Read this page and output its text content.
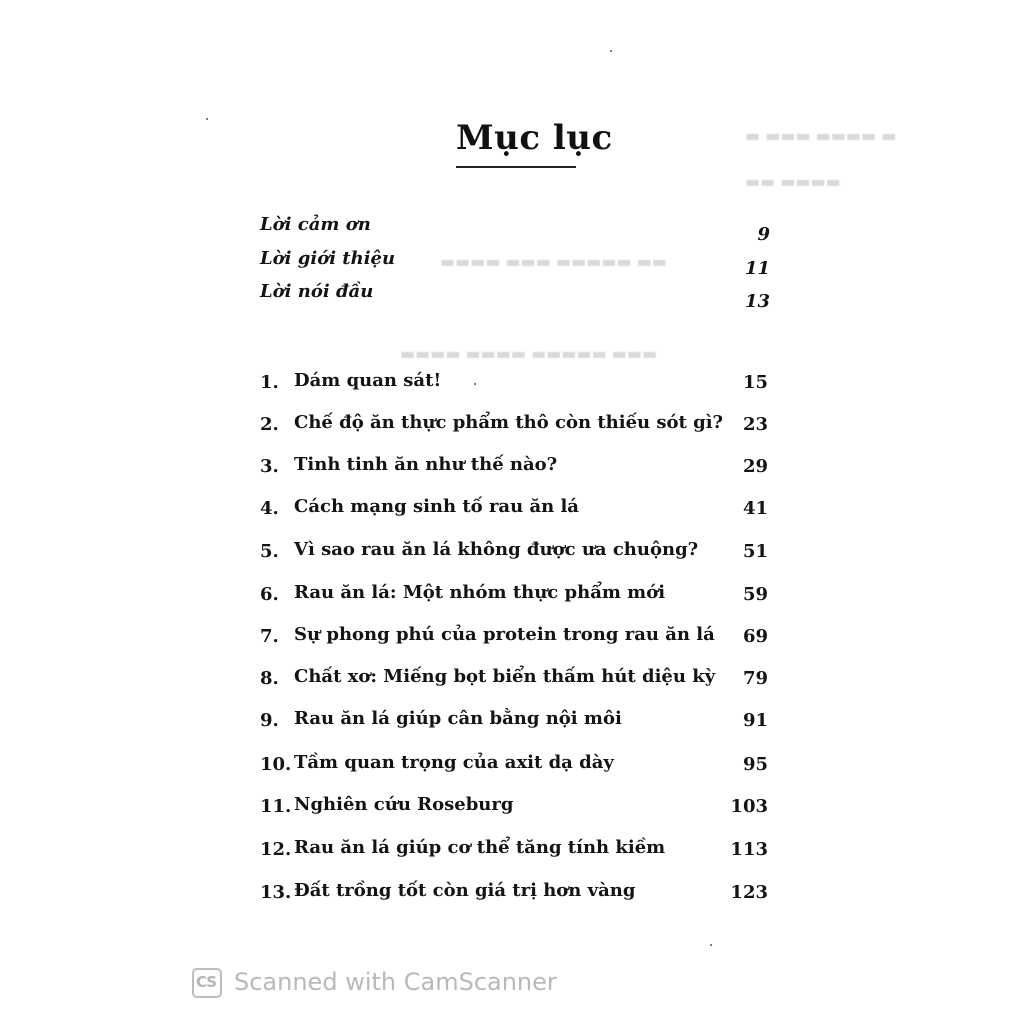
▬ ▬▬▬ ▬▬▬▬ ▬
▬▬ ▬▬▬▬
▬▬▬▬ ▬▬▬ ▬▬▬▬▬ ▬▬
▬▬▬▬ ▬▬▬▬ ▬▬▬▬▬ ▬▬▬
Mục lục
Lời cảm ơn	9
Lời giới thiệu	11
Lời nói đầu	13
1. Dám quan sát!	15
2. Chế độ ăn thực phẩm thô còn thiếu sót gì? 23
3. Tinh tinh ăn như thế nào?	29
4. Cách mạng sinh tố rau ăn lá	41
5. Vì sao rau ăn lá không được ưa chuộng? 51
6. Rau ăn lá: Một nhóm thực phẩm mới	59
7. Sự phong phú của protein trong rau ăn lá 69
8. Chất xơ: Miếng bọt biển thấm hút diệu kỳ 79
9. Rau ăn lá giúp cân bằng nội môi	91
10. Tầm quan trọng của axit dạ dày	95
11. Nghiên cứu Roseburg	103
12. Rau ăn lá giúp cơ thể tăng tính kiềm	113
13. Đất trồng tốt còn giá trị hơn vàng	123
CS Scanned with CamScanner
